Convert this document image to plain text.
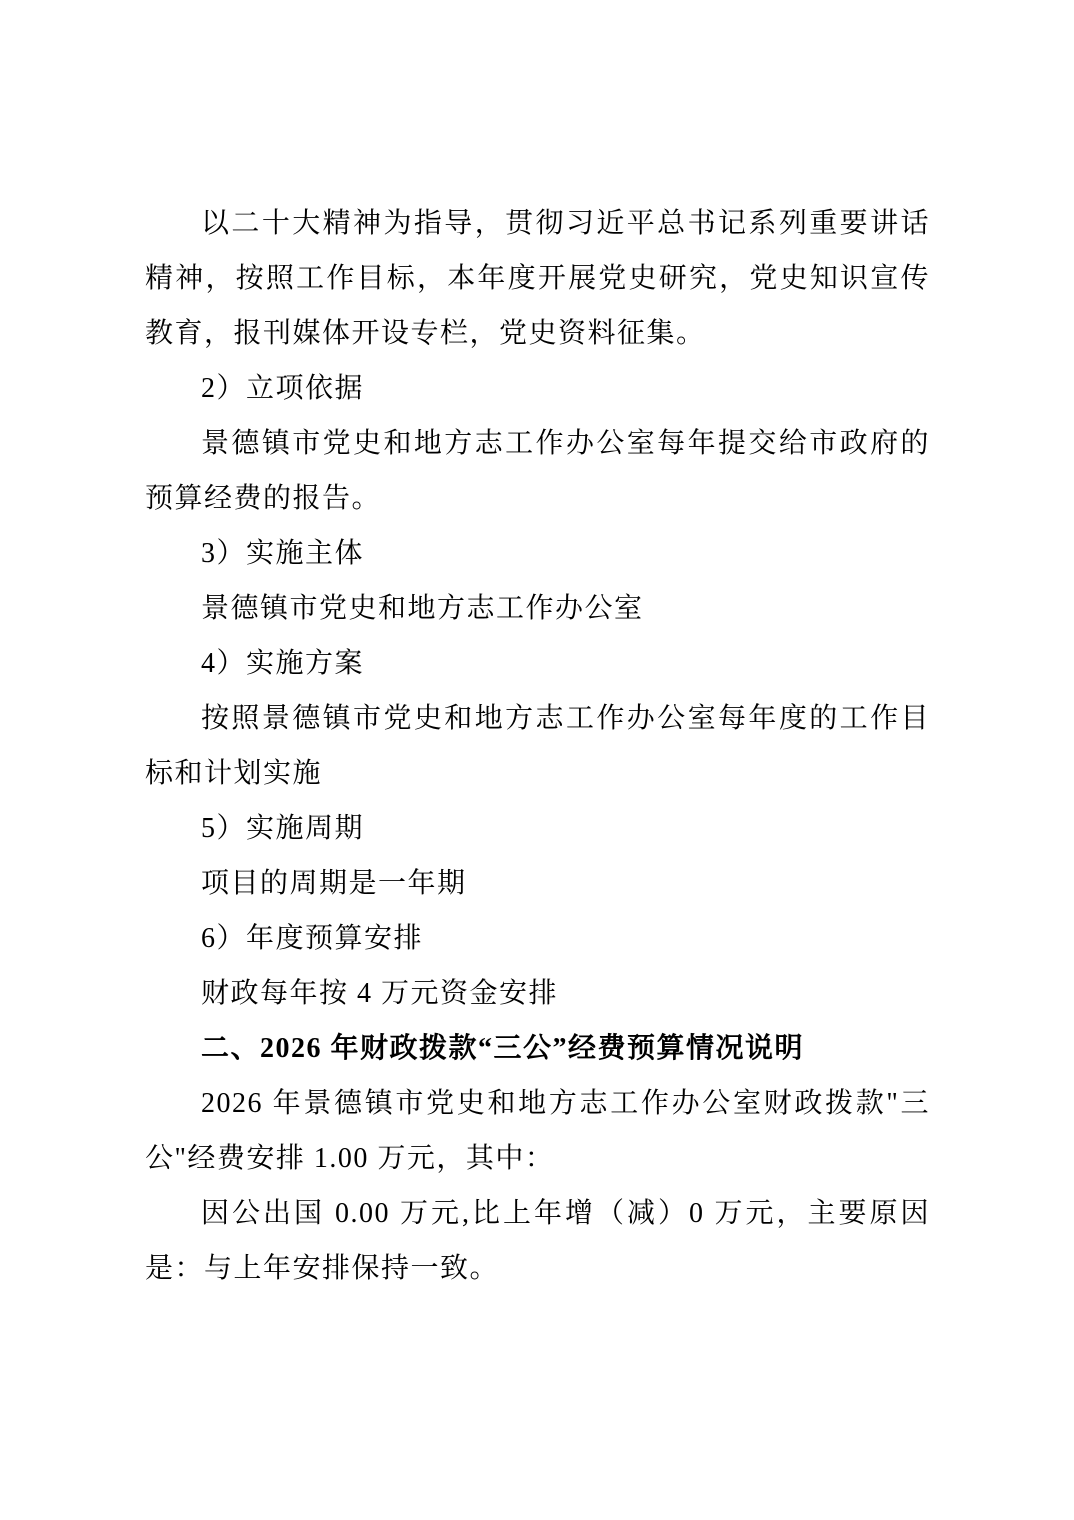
以二十大精神为指导，贯彻习近平总书记系列重要讲话精神，按照工作目标，本年度开展党史研究，党史知识宣传教育，报刊媒体开设专栏，党史资料征集。

2）立项依据

景德镇市党史和地方志工作办公室每年提交给市政府的预算经费的报告。

3）实施主体

景德镇市党史和地方志工作办公室

4）实施方案

按照景德镇市党史和地方志工作办公室每年度的工作目标和计划实施

5）实施周期

项目的周期是一年期

6）年度预算安排

财政每年按 4 万元资金安排

二、2026 年财政拨款“三公”经费预算情况说明

2026 年景德镇市党史和地方志工作办公室财政拨款"三公"经费安排 1.00 万元，其中：

因公出国 0.00 万元,比上年增（减）0 万元，主要原因是：与上年安排保持一致。
